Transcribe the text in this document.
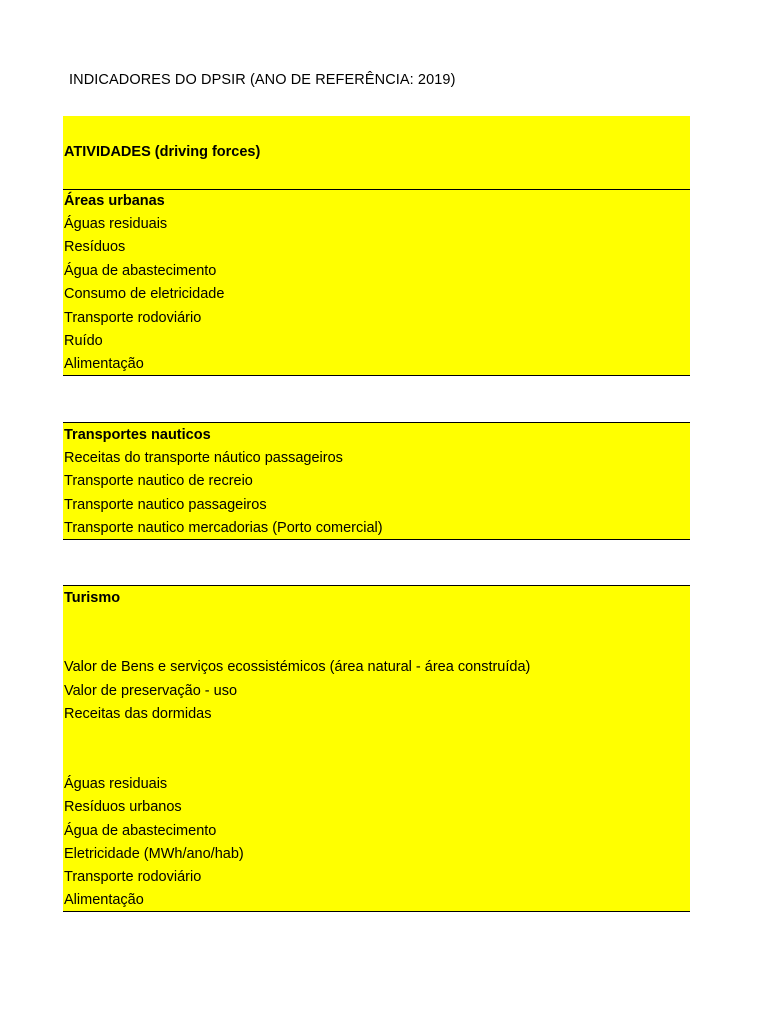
INDICADORES DO DPSIR (ANO DE REFERÊNCIA: 2019)
ATIVIDADES (driving forces)
Áreas urbanas
Águas residuais
Resíduos
Água de abastecimento
Consumo de eletricidade
Transporte rodoviário
Ruído
Alimentação
Transportes nauticos
Receitas do transporte náutico passageiros
Transporte nautico de recreio
Transporte nautico passageiros
Transporte nautico mercadorias (Porto comercial)
Turismo
Valor de Bens e serviços ecossistémicos (área natural - área construída)
Valor de preservação - uso
Receitas das dormidas
Águas residuais
Resíduos urbanos
Água de abastecimento
Eletricidade (MWh/ano/hab)
Transporte rodoviário
Alimentação
